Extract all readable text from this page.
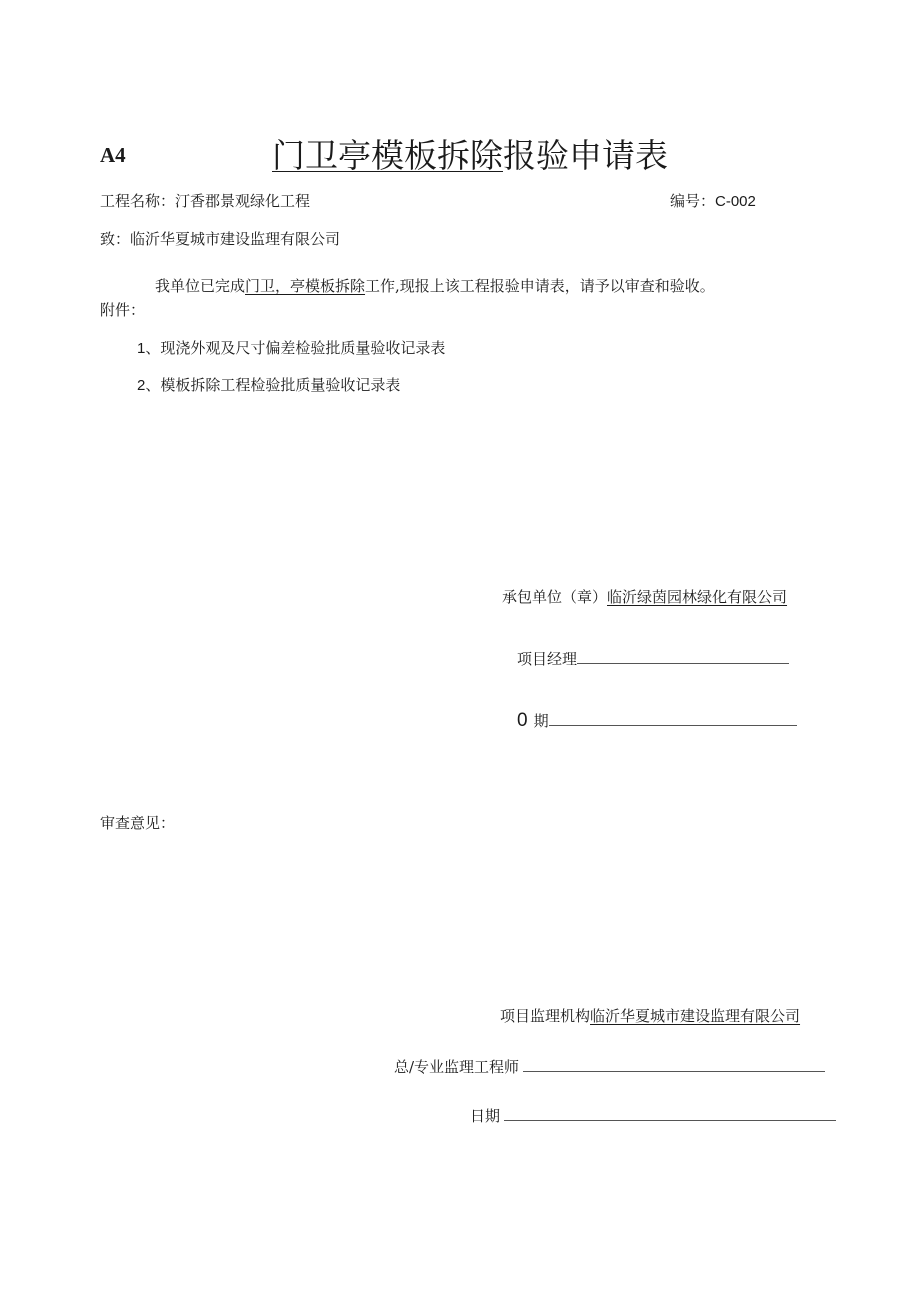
A4	门卫亭模板拆除报验申请表
工程名称：汀香郡景观绿化工程	编号：C-002
致：临沂华夏城市建设监理有限公司
我单位已完成门卫，亭模板拆除工作,现报上该工程报验申请表，请予以审查和验收。
附件：
1、现浇外观及尺寸偏差检验批质量验收记录表
2、模板拆除工程检验批质量验收记录表
承包单位（章）临沂绿茵园林绿化有限公司
项目经理
0 期
审查意见：
项目监理机构临沂华夏城市建设监理有限公司
总/专业监理工程师
日期
